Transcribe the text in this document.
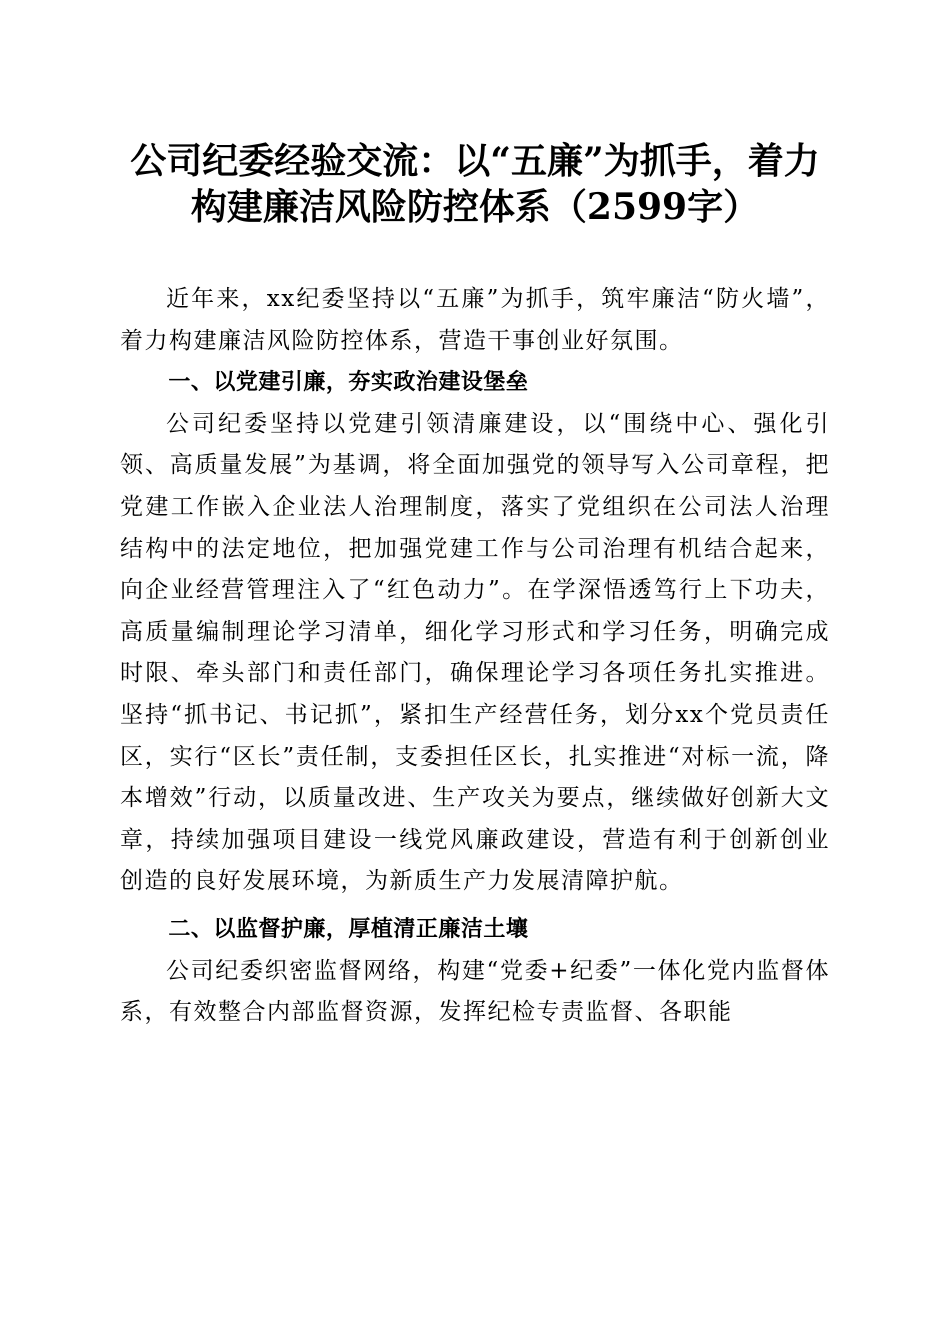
公司纪委经验交流：以“五廉”为抓手，着力
构建廉洁风险防控体系（2599字）

近年来，xx纪委坚持以“五廉”为抓手，筑牢廉洁“防火墙”，着力构建廉洁风险防控体系，营造干事创业好氛围。

一、以党建引廉，夯实政治建设堡垒

公司纪委坚持以党建引领清廉建设，以“围绕中心、强化引领、高质量发展”为基调，将全面加强党的领导写入公司章程，把党建工作嵌入企业法人治理制度，落实了党组织在公司法人治理结构中的法定地位，把加强党建工作与公司治理有机结合起来，向企业经营管理注入了“红色动力”。在学深悟透笃行上下功夫，高质量编制理论学习清单，细化学习形式和学习任务，明确完成时限、牵头部门和责任部门，确保理论学习各项任务扎实推进。坚持“抓书记、书记抓”，紧扣生产经营任务，划分xx个党员责任区，实行“区长”责任制，支委担任区长，扎实推进“对标一流，降本增效”行动，以质量改进、生产攻关为要点，继续做好创新大文章，持续加强项目建设一线党风廉政建设，营造有利于创新创业创造的良好发展环境，为新质生产力发展清障护航。

二、以监督护廉，厚植清正廉洁土壤

公司纪委织密监督网络，构建“党委+纪委”一体化党内监督体系，有效整合内部监督资源，发挥纪检专责监督、各职能
